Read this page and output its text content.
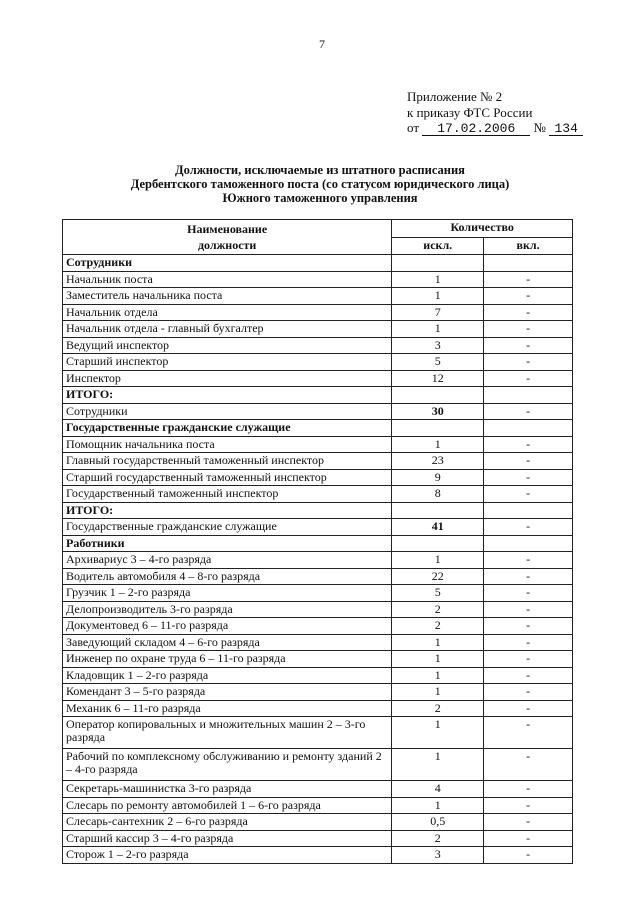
7
Приложение № 2
к приказу ФТС России
от 17.02.2006 № 134
Должности, исключаемые из штатного расписания
Дербентского таможенного поста (со статусом юридического лица)
Южного таможенного управления
Наименование
должности	Количество	
	искл.	вкл.
Сотрудники		
Начальник поста	1	-
Заместитель начальника поста	1	-
Начальник отдела	7	-
Начальник отдела - главный бухгалтер	1	-
Ведущий инспектор	3	-
Старший инспектор	5	-
Инспектор	12	-
ИТОГО:		
Сотрудники	30	-
Государственные гражданские служащие		
Помощник начальника поста	1	-
Главный государственный таможенный инспектор	23	-
Старший государственный таможенный инспектор	9	-
Государственный таможенный инспектор	8	-
ИТОГО:		
Государственные гражданские служащие	41	-
Работники		
Архивариус 3 – 4-го разряда	1	-
Водитель автомобиля 4 – 8-го разряда	22	-
Грузчик 1 – 2-го разряда	5	-
Делопроизводитель 3-го разряда	2	-
Документовед 6 – 11-го разряда	2	-
Заведующий складом 4 – 6-го разряда	1	-
Инженер по охране труда 6 – 11-го разряда	1	-
Кладовщик 1 – 2-го разряда	1	-
Комендант 3 – 5-го разряда	1	-
Механик 6 – 11-го разряда	2	-
Оператор копировальных и множительных машин 2 – 3-го разряда	1	-
Рабочий по комплексному обслуживанию и ремонту зданий 2 – 4-го разряда	1	-
Секретарь-машинистка 3-го разряда	4	-
Слесарь по ремонту автомобилей 1 – 6-го разряда	1	-
Слесарь-сантехник 2 – 6-го разряда	0,5	-
Старший кассир 3 – 4-го разряда	2	-
Сторож 1 – 2-го разряда	3	-
